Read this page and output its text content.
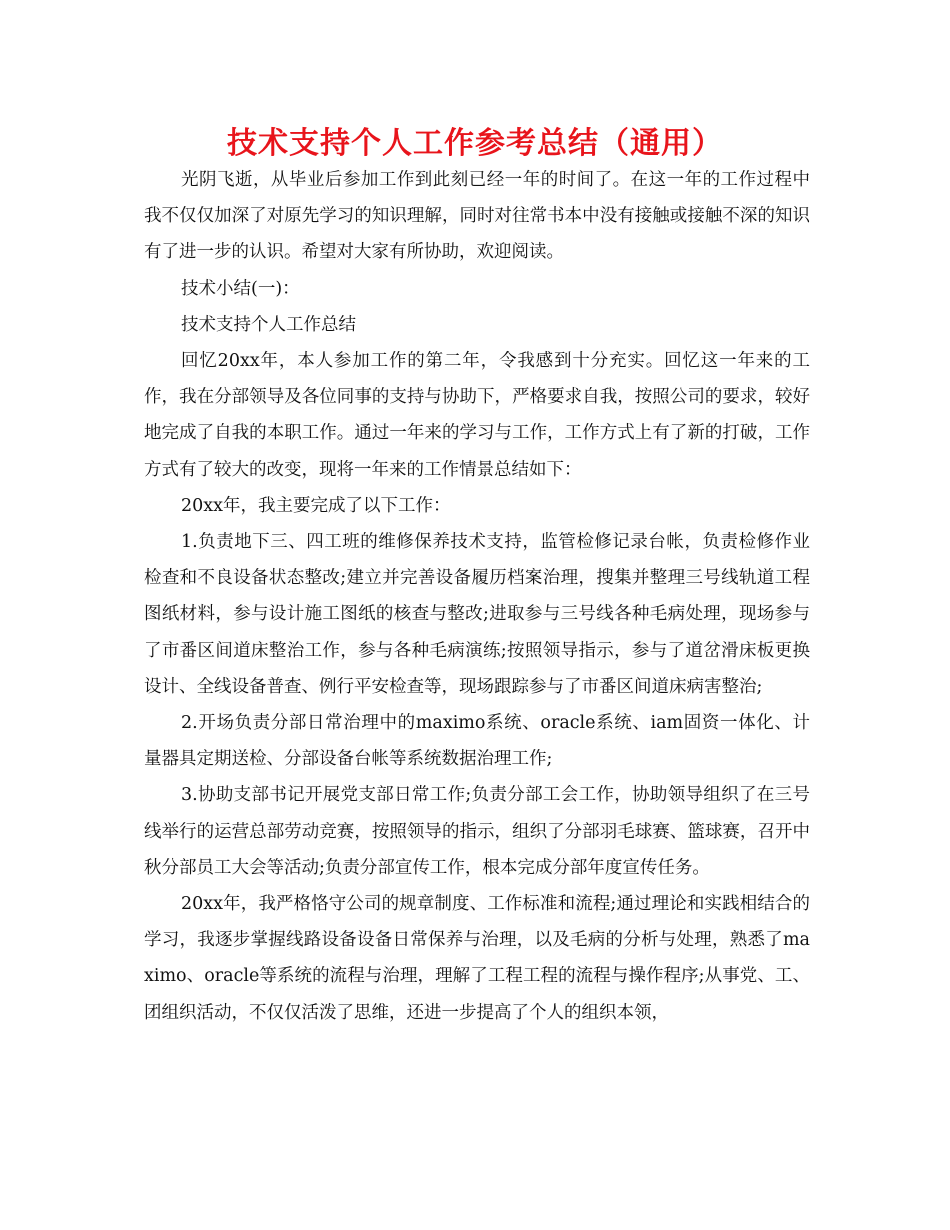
技术支持个人工作参考总结（通用）

光阴飞逝，从毕业后参加工作到此刻已经一年的时间了。在这一年的工作过程中我不仅仅加深了对原先学习的知识理解，同时对往常书本中没有接触或接触不深的知识有了进一步的认识。希望对大家有所协助，欢迎阅读。

技术小结(一)：

技术支持个人工作总结

回忆20xx年，本人参加工作的第二年，令我感到十分充实。回忆这一年来的工作，我在分部领导及各位同事的支持与协助下，严格要求自我，按照公司的要求，较好地完成了自我的本职工作。通过一年来的学习与工作，工作方式上有了新的打破，工作方式有了较大的改变，现将一年来的工作情景总结如下：

20xx年，我主要完成了以下工作：

1.负责地下三、四工班的维修保养技术支持，监管检修记录台帐，负责检修作业检查和不良设备状态整改;建立并完善设备履历档案治理，搜集并整理三号线轨道工程图纸材料，参与设计施工图纸的核查与整改;进取参与三号线各种毛病处理，现场参与了市番区间道床整治工作，参与各种毛病演练;按照领导指示，参与了道岔滑床板更换设计、全线设备普查、例行平安检查等，现场跟踪参与了市番区间道床病害整治;

2.开场负责分部日常治理中的maximo系统、oracle系统、iam固资一体化、计量器具定期送检、分部设备台帐等系统数据治理工作;

3.协助支部书记开展党支部日常工作;负责分部工会工作，协助领导组织了在三号线举行的运营总部劳动竞赛，按照领导的指示，组织了分部羽毛球赛、篮球赛，召开中秋分部员工大会等活动;负责分部宣传工作，根本完成分部年度宣传任务。

20xx年，我严格恪守公司的规章制度、工作标准和流程;通过理论和实践相结合的学习，我逐步掌握线路设备设备日常保养与治理，以及毛病的分析与处理，熟悉了maximo、oracle等系统的流程与治理，理解了工程工程的流程与操作程序;从事党、工、团组织活动，不仅仅活泼了思维，还进一步提高了个人的组织本领，
